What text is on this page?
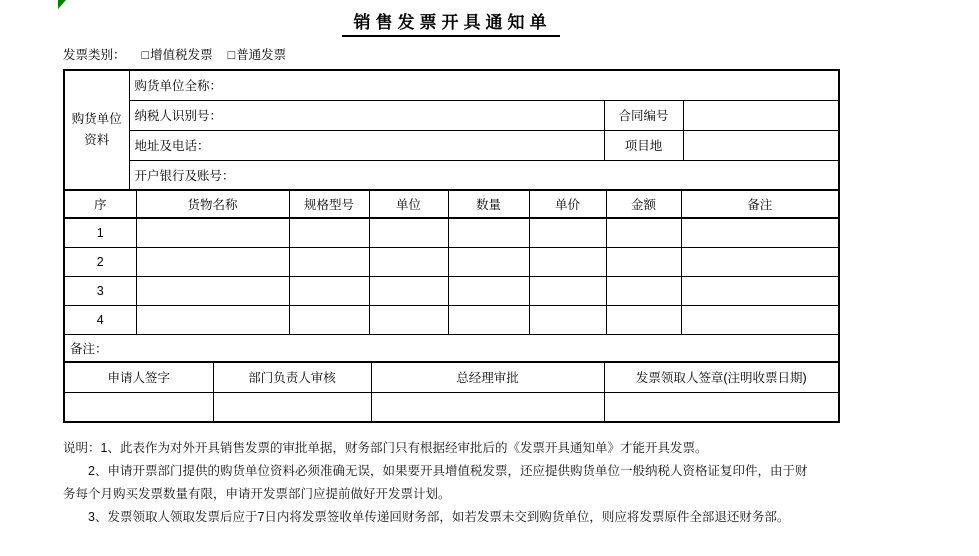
销售发票开具通知单
发票类别： □增值税发票 □普通发票
购货单位资料	购货单位全称：		
	纳税人识别号：	合同编号	
	地址及电话：	项目地	
	开户银行及账号：		
序	货物名称	规格型号	单位	数量	单价	金额	备注
1							
2							
3							
4							
备注：							
申请人签字	部门负责人审核	总经理审批	发票领取人签章(注明收票日期)

说明：1、此表作为对外开具销售发票的审批单据，财务部门只有根据经审批后的《发票开具通知单》才能开具发票。
2、申请开票部门提供的购货单位资料必须准确无误，如果要开具增值税发票，还应提供购货单位一般纳税人资格证复印件，由于财
务每个月购买发票数量有限，申请开发票部门应提前做好开发票计划。
3、发票领取人领取发票后应于7日内将发票签收单传递回财务部，如若发票未交到购货单位，则应将发票原件全部退还财务部。
